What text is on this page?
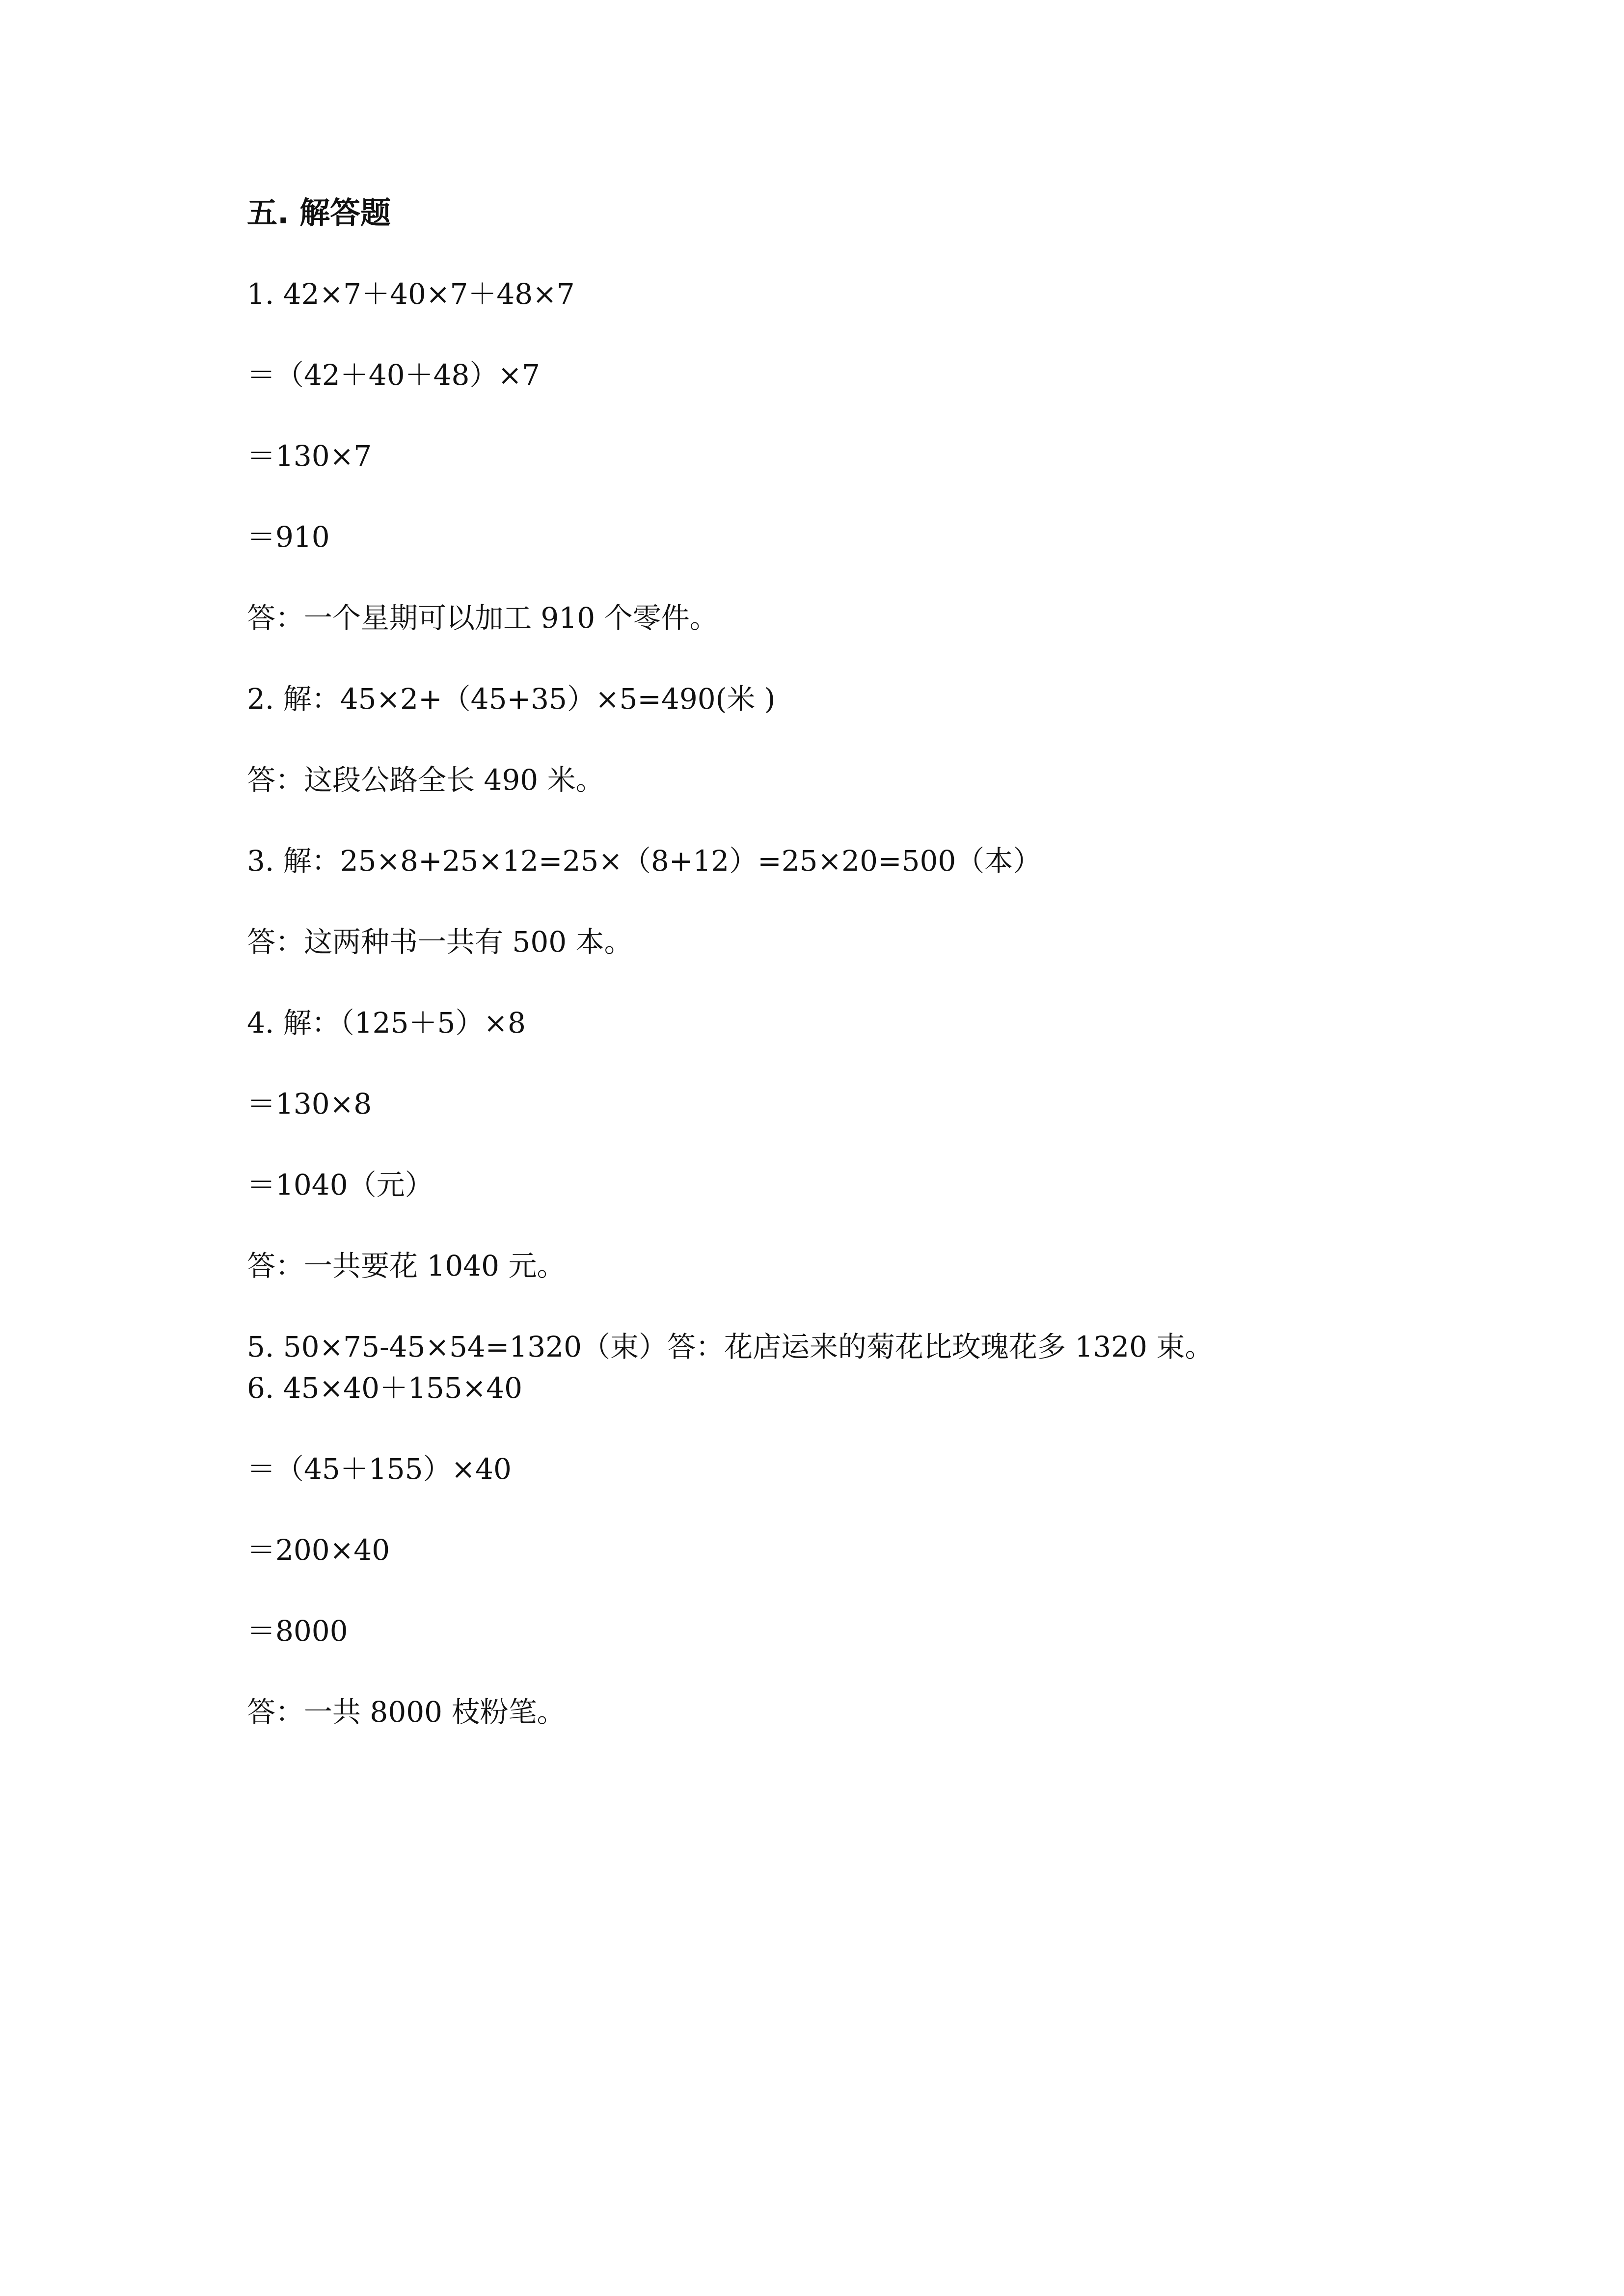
五. 解答题
1. 42×7＋40×7＋48×7
＝（42＋40＋48）×7
＝130×7
＝910
答：一个星期可以加工 910 个零件。
2. 解：45×2+（45+35）×5=490(米 )
答：这段公路全长 490 米。
3. 解：25×8+25×12=25×（8+12）=25×20=500（本）
答：这两种书一共有 500 本。
4. 解：（125＋5）×8
＝130×8
＝1040（元）
答：一共要花 1040 元。
5. 50×75-45×54=1320（束）答：花店运来的菊花比玫瑰花多 1320 束。
6. 45×40＋155×40
＝（45＋155）×40
＝200×40
＝8000
答：一共 8000 枝粉笔。
